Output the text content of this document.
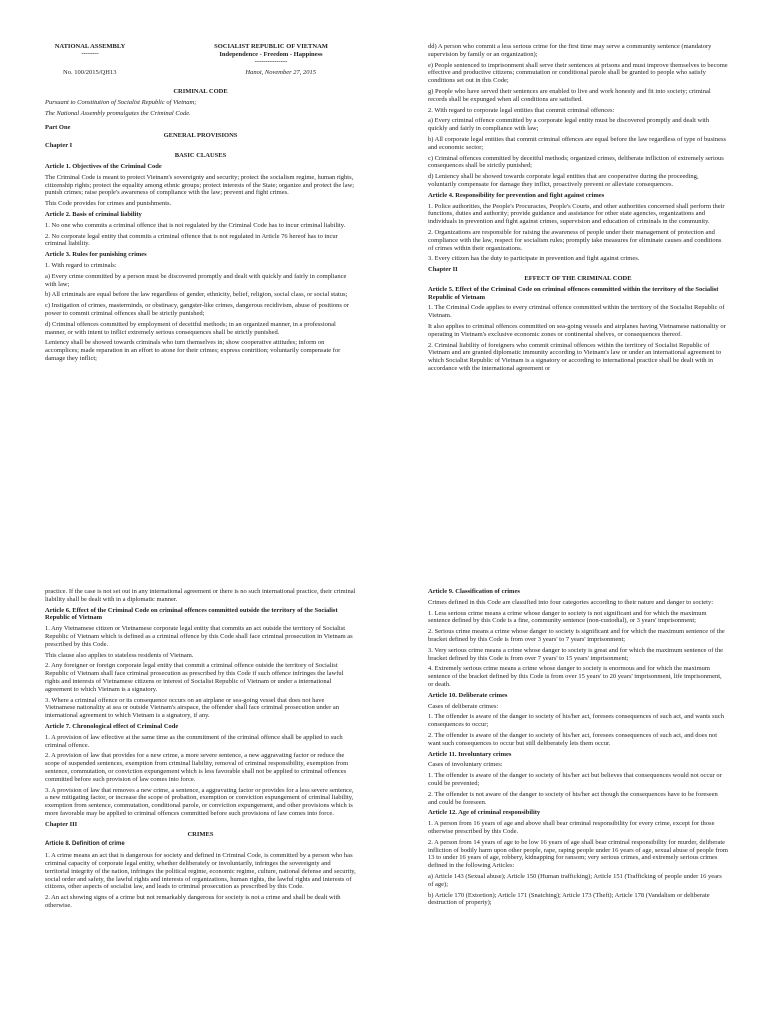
NATIONAL ASSEMBLY
--------
SOCIALIST REPUBLIC OF VIETNAM
Independence - Freedom - Happiness
---------------
No. 100/2015/QH13	Hanoi, November 27, 2015

CRIMINAL CODE

Pursuant to Constitution of Socialist Republic of Vietnam;

The National Assembly promulgates the Criminal Code.

Part One

GENERAL PROVISIONS

Chapter I

BASIC CLAUSES

Article 1. Objectives of the Criminal Code

The Criminal Code is meant to protect Vietnam's sovereignty and security; protect the socialism regime, human rights, citizenship rights; protect the equality among ethnic groups; protect interests of the State; organize and protect the law; punish crimes; raise people's awareness of compliance with the law; prevent and fight crimes.

This Code provides for crimes and punishments.

Article 2. Basis of criminal liability

1. No one who commits a criminal offence that is not regulated by the Criminal Code has to incur criminal liability.

2. No corporate legal entity that commits a criminal offence that is not regulated in Article 76 hereof has to incur criminal liability.

Article 3. Rules for punishing crimes

1. With regard to criminals:

a) Every crime committed by a person must be discovered promptly and dealt with quickly and fairly in compliance with law;

b) All criminals are equal before the law regardless of gender, ethnicity, belief, religion, social class, or social status;

c) Instigation of crimes, masterminds, or obstinacy, gangster-like crimes, dangerous recidivism, abuse of positions or power to commit criminal offences shall be strictly punished;

d) Criminal offences committed by employment of deceitful methods; in an organized manner, in a professional manner, or with intent to inflict extremely serious consequences shall be strictly punished.

Leniency shall be showed towards criminals who turn themselves in; show cooperative attitudes; inform on accomplices; made reparation in an effort to atone for their crimes; express contrition; voluntarily compensate for damage they inflict;

dd) A person who commit a less serious crime for the first time may serve a community sentence (mandatory supervision by family or an organization);

e) People sentenced to imprisonment shall serve their sentences at prisons and must improve themselves to become effective and productive citizens; commutation or conditional parole shall be granted to people who satisfy conditions set out in this Code;

g) People who have served their sentences are enabled to live and work honesty and fit into society; criminal records shall be expunged when all conditions are satisfied.

2. With regard to corporate legal entities that commit criminal offences:

a) Every criminal offence committed by a corporate legal entity must be discovered promptly and dealt with quickly and fairly in compliance with law;

b) All corporate legal entities that commit criminal offences are equal before the law regardless of type of business and economic sector;

c) Criminal offences committed by deceitful methods; organized crimes, deliberate infliction of extremely serious consequences shall be strictly punished;

d) Leniency shall be showed towards corporate legal entities that are cooperative during the proceeding, voluntarily compensate for damage they inflict, proactively prevent or alleviate consequences.

Article 4. Responsibility for prevention and fight against crimes

1. Police authorities, the People's Procuracies, People's Courts, and other authorities concerned shall perform their functions, duties and authority; provide guidance and assistance for other state agencies, organizations and individuals in prevention and fight against crimes, supervision and education of criminals in the community.

2. Organizations are responsible for raising the awareness of people under their management of protection and compliance with the law, respect for socialism rules; promptly take measures for eliminate causes and conditions of crimes within their organizations.

3. Every citizen has the duty to participate in prevention and fight against crimes.

Chapter II

EFFECT OF THE CRIMINAL CODE

Article 5. Effect of the Criminal Code on criminal offences committed within the territory of the Socialist Republic of Vietnam

1. The Criminal Code applies to every criminal offence committed within the territory of the Socialist Republic of Vietnam.

It also applies to criminal offences committed on sea-going vessels and airplanes having Vietnamese nationality or operating in Vietnam's exclusive economic zones or continental shelves, or consequences thereof.

2. Criminal liability of foreigners who commit criminal offences within the territory of Socialist Republic of Vietnam and are granted diplomatic immunity according to Vietnam's law or under an international agreement to which Socialist Republic of Vietnam is a signatory or according to international practice shall be dealt with in accordance with the international agreement or

practice. If the case is not set out in any international agreement or there is no such international practice, their criminal liability shall be dealt with in a diplomatic manner.

Article 6. Effect of the Criminal Code on criminal offences committed outside the territory of the Socialist Republic of Vietnam

1. Any Vietnamese citizen or Vietnamese corporate legal entity that commits an act outside the territory of Socialist Republic of Vietnam which is defined as a criminal offence by this Code shall face criminal prosecution in Vietnam as prescribed by this Code.

This clause also applies to stateless residents of Vietnam.

2. Any foreigner or foreign corporate legal entity that commit a criminal offence outside the territory of Socialist Republic of Vietnam shall face criminal prosecution as prescribed by this Code if such offence infringes the lawful rights and interests of Vietnamese citizens or interest of Socialist Republic of Vietnam or under a international agreement to which Vietnam is a signatory.

3. Where a criminal offence or its consequence occurs on an airplane or sea-going vessel that does not have Vietnamese nationality at sea or outside Vietnam's airspace, the offender shall face criminal prosecution under an international agreement to which Vietnam is a signatory, if any.

Article 7. Chronological effect of Criminal Code

1. A provision of law effective at the same time as the commitment of the criminal offence shall be applied to such criminal offence.

2. A provision of law that provides for a new crime, a more severe sentence, a new aggravating factor or reduce the scope of suspended sentences, exemption from criminal liability, removal of criminal responsibility, exemption from sentence, commutation, or conviction expungement which is less favorable shall not be applied to criminal offences committed before such provision of law comes into force.

3. A provision of law that removes a new crime, a sentence, a aggravating factor or provides for a less severe sentence, a new mitigating factor, or increase the scope of probation, exemption or conviction expungement of criminal liability, exemption from sentence, commutation, conditional parole, or conviction expungement, and other provisions which is more favorable may be applied to criminal offences committed before such provisions of law comes into force.

Chapter III

CRIMES

Article 8. Definition of crime

1. A crime means an act that is dangerous for society and defined in Criminal Code, is committed by a person who has criminal capacity of corporate legal entity, whether deliberately or involuntarily, infringes the sovereignty and territorial integrity of the nation, infringes the political regime, economic regime, culture, national defense and security, social order and safety, the lawful rights and interests of organizations, human rights, the lawful rights and interests of citizens, other aspects of socialist law, and leads to criminal prosecution as prescribed by this Code.

2. An act showing signs of a crime but not remarkably dangerous for society is not a crime and shall be dealt with otherwise.

Article 9. Classification of crimes

Crimes defined in this Code are classified into four categories according to their nature and danger to society:

1. Less serious crime means a crime whose danger to society is not significant and for which the maximum sentence defined by this Code is a fine, community sentence (non-custodial), or 3 years' imprisonment;

2. Serious crime means a crime whose danger to society is significant and for which the maximum sentence of the bracket defined by this Code is from over 3 years' to 7 years' imprisonment;

3. Very serious crime means a crime whose danger to society is great and for which the maximum sentence of the bracket defined by this Code is from over 7 years' to 15 years' imprisonment;

4. Extremely serious crime means a crime whose danger to society is enormous and for which the maximum sentence of the bracket defined by this Code is from over 15 years' to 20 years' imprisonment, life imprisonment, or death.

Article 10. Deliberate crimes

Cases of deliberate crimes:

1. The offender is aware of the danger to society of his/her act, foresees consequences of such act, and wants such consequences to occur;

2. The offender is aware of the danger to society of his/her act, foresees consequences of such act, and does not want such consequences to occur but still deliberately lets them occur.

Article 11. Involuntary crimes

Cases of involuntary crimes:

1. The offender is aware of the danger to society of his/her act but believes that consequences would not occur or could be prevented;

2. The offender is not aware of the danger to society of his/her act though the consequences have to be foreseen and could be foreseen.

Article 12. Age of criminal responsibility

1. A person from 16 years of age and above shall bear criminal responsibility for every crime, except for those otherwise prescribed by this Code.

2. A person from 14 years of age to be low 16 years of age shall bear criminal responsibility for murder, deliberate infliction of bodily harm upon other people, rape, raping people under 16 years of age, sexual abuse of people from 13 to under 16 years of age, robbery, kidnapping for ransom; very serious crimes, and extremely serious crimes defined in the following Articles:

a) Article 143 (Sexual abuse); Article 150 (Human trafficking); Article 151 (Trafficking of people under 16 years of age);

b) Article 170 (Extortion); Article 171 (Snatching); Article 173 (Theft); Article 178 (Vandalism or deliberate destruction of property);
